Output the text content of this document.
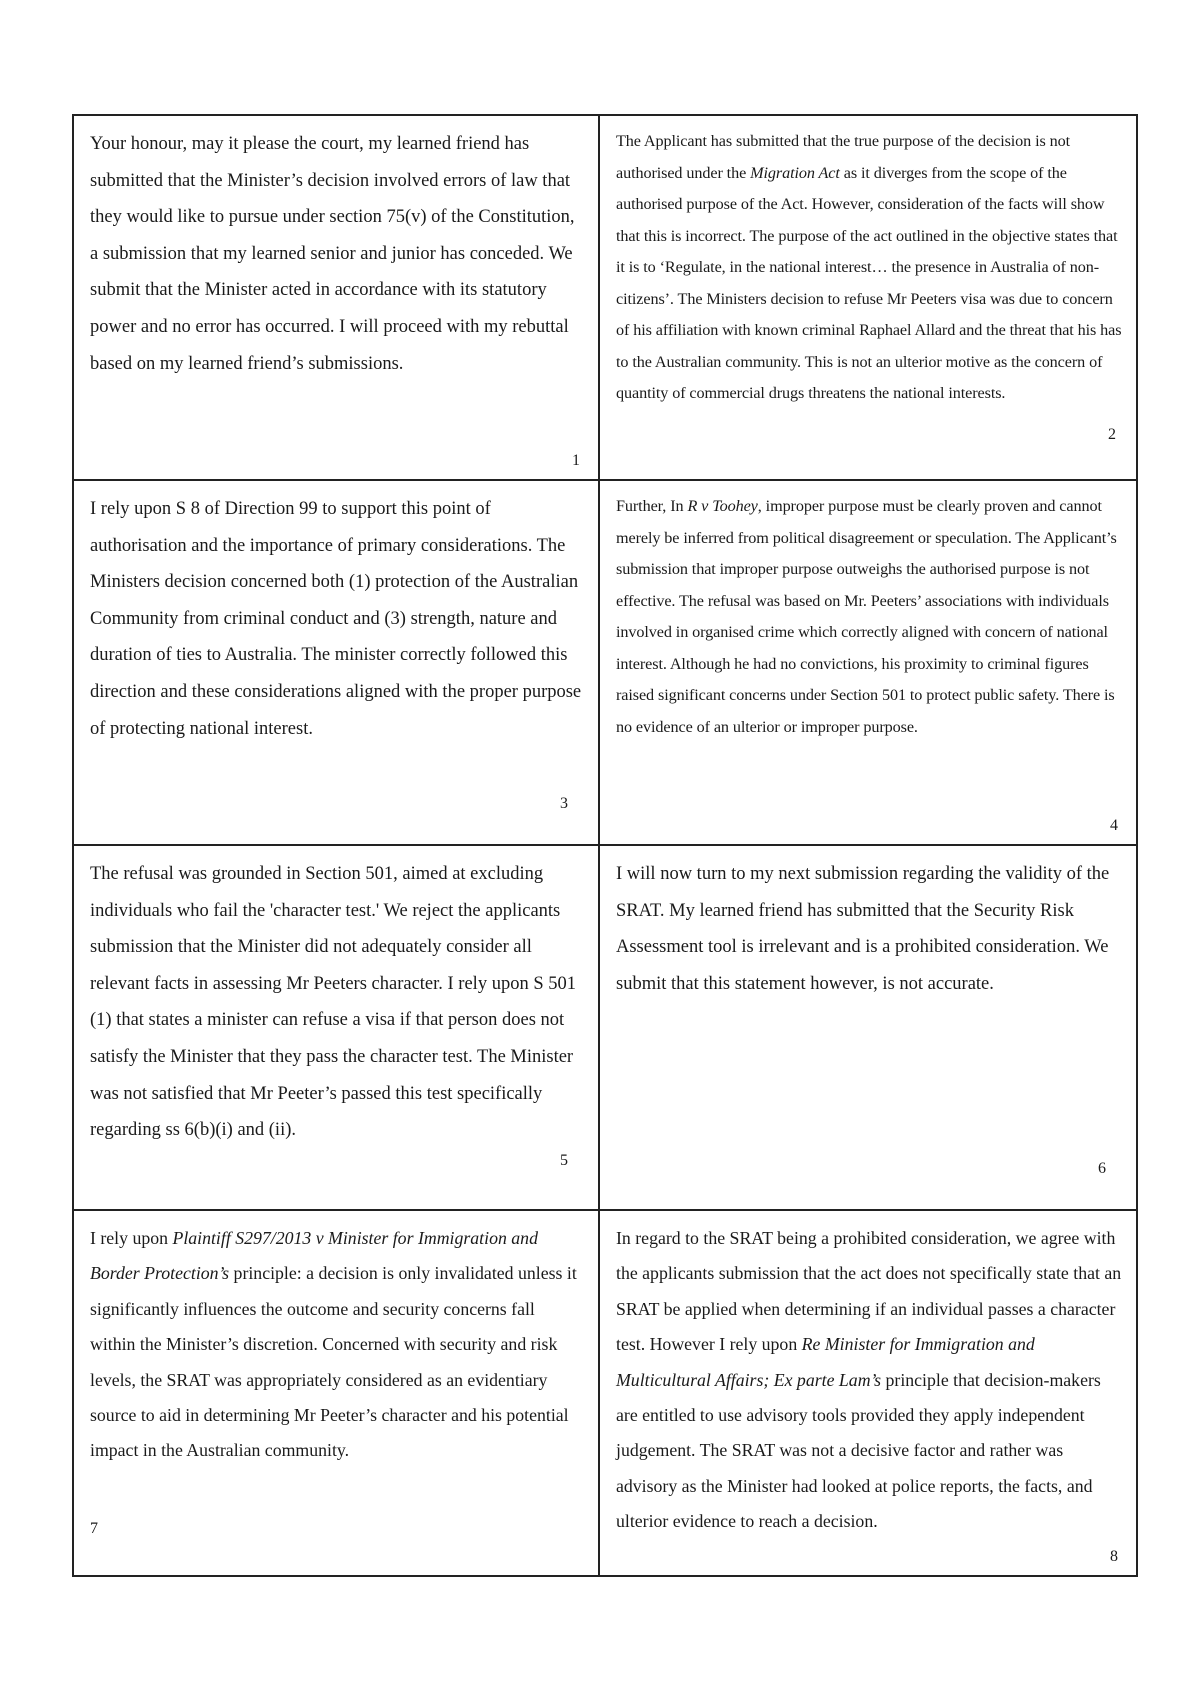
Your honour, may it please the court, my learned friend has submitted that the Minister’s decision involved errors of law that they would like to pursue under section 75(v) of the Constitution, a submission that my learned senior and junior has conceded. We submit that the Minister acted in accordance with its statutory power and no error has occurred. I will proceed with my rebuttal based on my learned friend’s submissions.

1

The Applicant has submitted that the true purpose of the decision is not authorised under the Migration Act as it diverges from the scope of the authorised purpose of the Act. However, consideration of the facts will show that this is incorrect. The purpose of the act outlined in the objective states that it is to ‘Regulate, in the national interest… the presence in Australia of non-citizens’. The Ministers decision to refuse Mr Peeters visa was due to concern of his affiliation with known criminal Raphael Allard and the threat that his has to the Australian community. This is not an ulterior motive as the concern of quantity of commercial drugs threatens the national interests.

2

I rely upon S 8 of Direction 99 to support this point of authorisation and the importance of primary considerations. The Ministers decision concerned both (1) protection of the Australian Community from criminal conduct and (3) strength, nature and duration of ties to Australia. The minister correctly followed this direction and these considerations aligned with the proper purpose of protecting national interest.

3

Further, In R v Toohey, improper purpose must be clearly proven and cannot merely be inferred from political disagreement or speculation. The Applicant’s submission that improper purpose outweighs the authorised purpose is not effective. The refusal was based on Mr. Peeters’ associations with individuals involved in organised crime which correctly aligned with concern of national interest. Although he had no convictions, his proximity to criminal figures raised significant concerns under Section 501 to protect public safety. There is no evidence of an ulterior or improper purpose.

4

The refusal was grounded in Section 501, aimed at excluding individuals who fail the 'character test.' We reject the applicants submission that the Minister did not adequately consider all relevant facts in assessing Mr Peeters character. I rely upon S 501 (1) that states a minister can refuse a visa if that person does not satisfy the Minister that they pass the character test. The Minister was not satisfied that Mr Peeter’s passed this test specifically regarding ss 6(b)(i) and (ii).

5

I will now turn to my next submission regarding the validity of the SRAT. My learned friend has submitted that the Security Risk Assessment tool is irrelevant and is a prohibited consideration. We submit that this statement however, is not accurate.

6

I rely upon Plaintiff S297/2013 v Minister for Immigration and Border Protection’s principle: a decision is only invalidated unless it significantly influences the outcome and security concerns fall within the Minister’s discretion. Concerned with security and risk levels, the SRAT was appropriately considered as an evidentiary source to aid in determining Mr Peeter’s character and his potential impact in the Australian community.

7

In regard to the SRAT being a prohibited consideration, we agree with the applicants submission that the act does not specifically state that an SRAT be applied when determining if an individual passes a character test. However I rely upon Re Minister for Immigration and Multicultural Affairs; Ex parte Lam’s principle that decision-makers are entitled to use advisory tools provided they apply independent judgement. The SRAT was not a decisive factor and rather was advisory as the Minister had looked at police reports, the facts, and ulterior evidence to reach a decision.

8
